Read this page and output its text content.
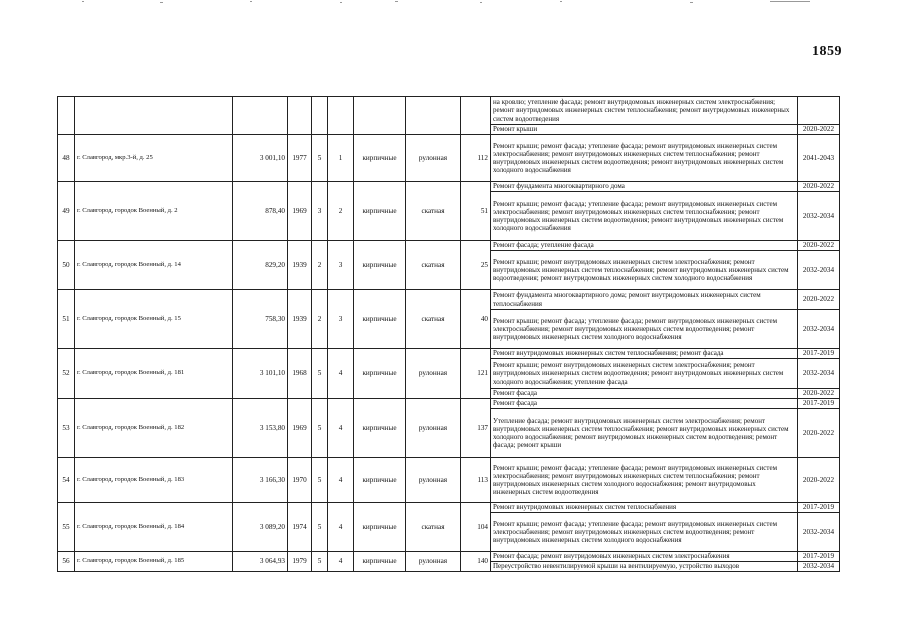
1859
									на кровлю; утепление фасада; ремонт внутридомовых инженерных систем электроснабжения; ремонт внутридомовых инженерных систем теплоснабжения; ремонт внутридомовых инженерных систем водоотведения	
									Ремонт крыши	2020-2022
48	г. Славгород, мкр.3-й, д. 25	3 001,10	1977	5	1	кирпичные	рулонная	112	Ремонт крыши; ремонт фасада; утепление фасада; ремонт внутридомовых инженерных систем электроснабжения; ремонт внутридомовых инженерных систем теплоснабжения; ремонт внутридомовых инженерных систем водоотведения; ремонт внутридомовых инженерных систем холодного водоснабжения	2041-2043
49	г. Славгород, городок Военный, д. 2	878,40	1969	3	2	кирпичные	скатная	51	Ремонт фундамента многоквартирного дома	2020-2022
									Ремонт крыши; ремонт фасада; утепление фасада; ремонт внутридомовых инженерных систем электроснабжения; ремонт внутридомовых инженерных систем теплоснабжения; ремонт внутридомовых инженерных систем водоотведения; ремонт внутридомовых инженерных систем холодного водоснабжения	2032-2034
50	г. Славгород, городок Военный, д. 14	829,20	1939	2	3	кирпичные	скатная	25	Ремонт фасада; утепление фасада	2020-2022
									Ремонт крыши; ремонт внутридомовых инженерных систем электроснабжения; ремонт внутридомовых инженерных систем теплоснабжения; ремонт внутридомовых инженерных систем водоотведения; ремонт внутридомовых инженерных систем холодного водоснабжения	2032-2034
51	г. Славгород, городок Военный, д. 15	758,30	1939	2	3	кирпичные	скатная	40	Ремонт фундамента многоквартирного дома; ремонт внутридомовых инженерных систем теплоснабжения	2020-2022
									Ремонт крыши; ремонт фасада; утепление фасада; ремонт внутридомовых инженерных систем электроснабжения; ремонт внутридомовых инженерных систем водоотведения; ремонт внутридомовых инженерных систем холодного водоснабжения	2032-2034
52	г. Славгород, городок Военный, д. 181	3 101,10	1968	5	4	кирпичные	рулонная	121	Ремонт внутридомовых инженерных систем теплоснабжения; ремонт фасада	2017-2019
									Ремонт крыши; ремонт внутридомовых инженерных систем электроснабжения; ремонт внутридомовых инженерных систем водоотведения; ремонт внутридомовых инженерных систем холодного водоснабжения; утепление фасада	2032-2034
									Ремонт фасада	2020-2022
53	г. Славгород, городок Военный, д. 182	3 153,80	1969	5	4	кирпичные	рулонная	137	Ремонт фасада	2017-2019
									Утепление фасада; ремонт внутридомовых инженерных систем электроснабжения; ремонт внутридомовых инженерных систем теплоснабжения; ремонт внутридомовых инженерных систем холодного водоснабжения; ремонт внутридомовых инженерных систем водоотведения; ремонт фасада; ремонт крыши	2020-2022
54	г. Славгород, городок Военный, д. 183	3 166,30	1970	5	4	кирпичные	рулонная	113	Ремонт крыши; ремонт фасада; утепление фасада; ремонт внутридомовых инженерных систем электроснабжения; ремонт внутридомовых инженерных систем теплоснабжения; ремонт внутридомовых инженерных систем холодного водоснабжения; ремонт внутридомовых инженерных систем водоотведения	2020-2022
55	г. Славгород, городок Военный, д. 184	3 089,20	1974	5	4	кирпичные	скатная	104	Ремонт внутридомовых инженерных систем теплоснабжения	2017-2019
									Ремонт крыши; ремонт фасада; утепление фасада; ремонт внутридомовых инженерных систем электроснабжения; ремонт внутридомовых инженерных систем водоотведения; ремонт внутридомовых инженерных систем холодного водоснабжения	2032-2034
56	г. Славгород, городок Военный, д. 185	3 064,93	1979	5	4	кирпичные	рулонная	140	Ремонт фасада; ремонт внутридомовых инженерных систем электроснабжения	2017-2019
									Переустройство невентилируемой крыши на вентилируемую, устройство выходов	2032-2034
